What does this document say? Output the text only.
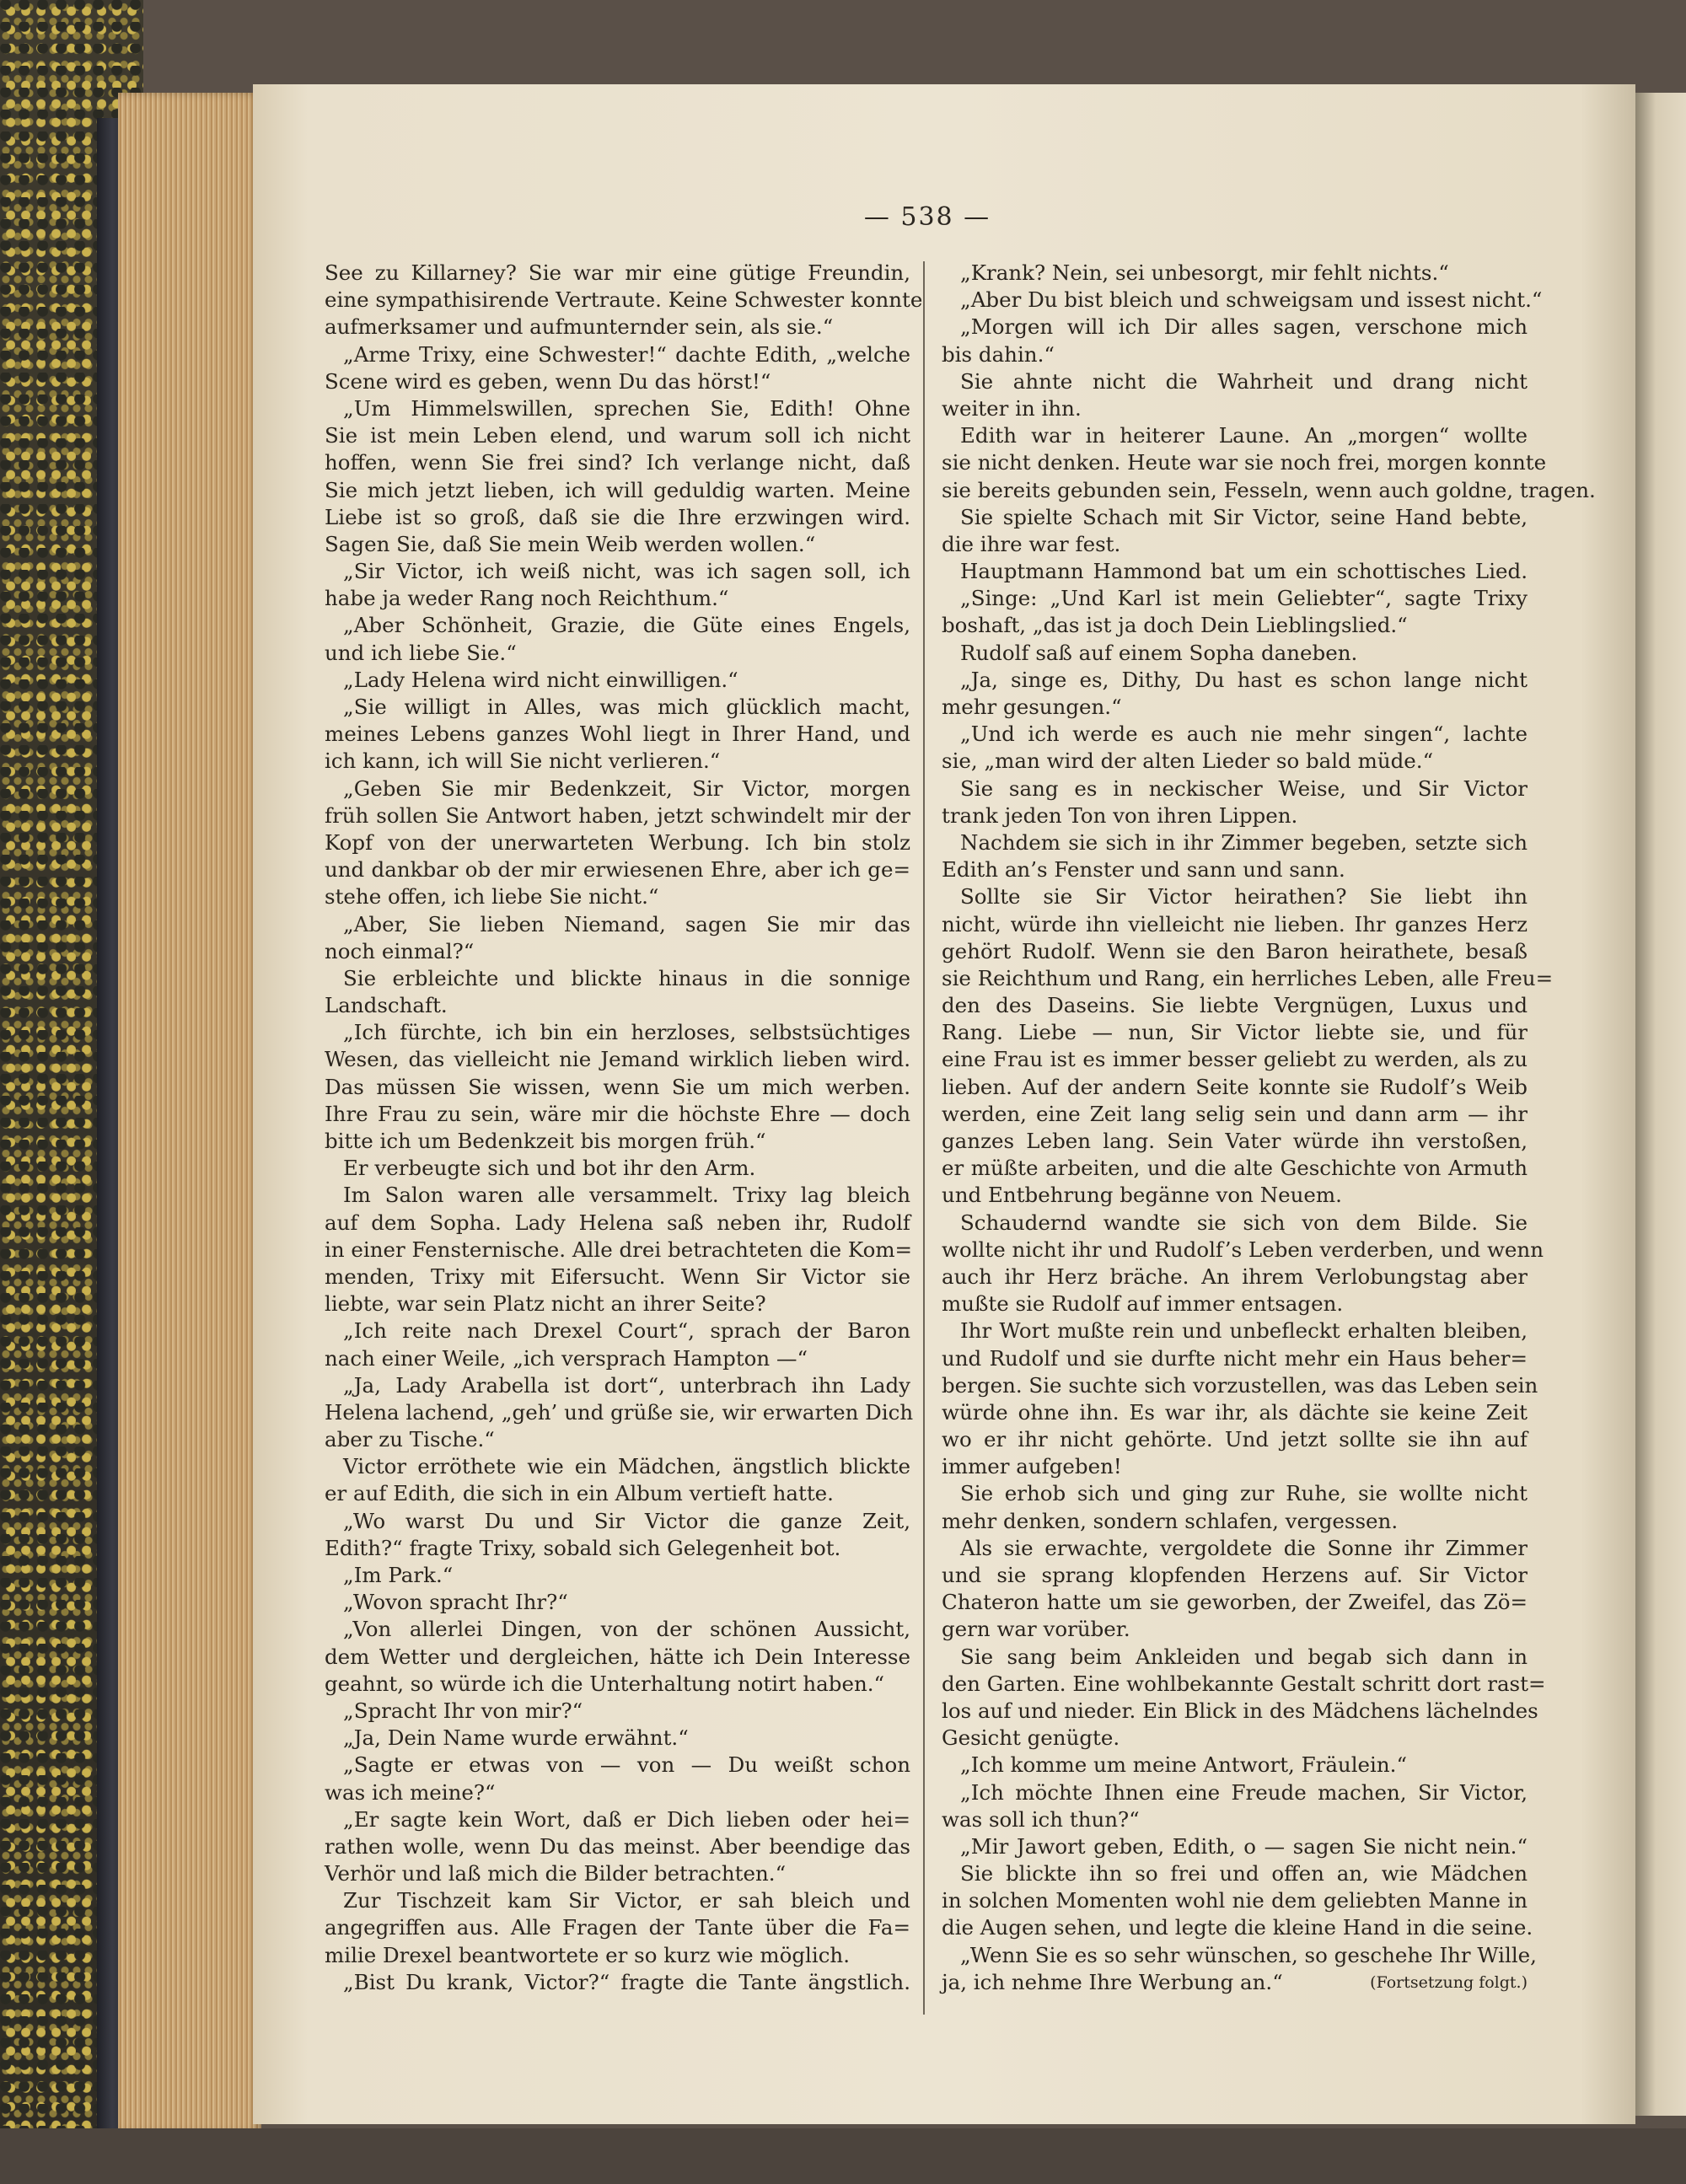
— 538 —
See zu Killarney? Sie war mir eine gütige Freundin,
eine sympathisirende Vertraute. Keine Schwester konnte
aufmerksamer und aufmunternder sein, als sie.“
„Arme Trixy, eine Schwester!“ dachte Edith, „welche
Scene wird es geben, wenn Du das hörst!“
„Um Himmelswillen, sprechen Sie, Edith! Ohne
Sie ist mein Leben elend, und warum soll ich nicht
hoffen, wenn Sie frei sind? Ich verlange nicht, daß
Sie mich jetzt lieben, ich will geduldig warten. Meine
Liebe ist so groß, daß sie die Ihre erzwingen wird.
Sagen Sie, daß Sie mein Weib werden wollen.“
„Sir Victor, ich weiß nicht, was ich sagen soll, ich
habe ja weder Rang noch Reichthum.“
„Aber Schönheit, Grazie, die Güte eines Engels,
und ich liebe Sie.“
„Lady Helena wird nicht einwilligen.“
„Sie willigt in Alles, was mich glücklich macht,
meines Lebens ganzes Wohl liegt in Ihrer Hand, und
ich kann, ich will Sie nicht verlieren.“
„Geben Sie mir Bedenkzeit, Sir Victor, morgen
früh sollen Sie Antwort haben, jetzt schwindelt mir der
Kopf von der unerwarteten Werbung. Ich bin stolz
und dankbar ob der mir erwiesenen Ehre, aber ich ge=
stehe offen, ich liebe Sie nicht.“
„Aber, Sie lieben Niemand, sagen Sie mir das
noch einmal?“
Sie erbleichte und blickte hinaus in die sonnige
Landschaft.
„Ich fürchte, ich bin ein herzloses, selbstsüchtiges
Wesen, das vielleicht nie Jemand wirklich lieben wird.
Das müssen Sie wissen, wenn Sie um mich werben.
Ihre Frau zu sein, wäre mir die höchste Ehre — doch
bitte ich um Bedenkzeit bis morgen früh.“
Er verbeugte sich und bot ihr den Arm.
Im Salon waren alle versammelt. Trixy lag bleich
auf dem Sopha. Lady Helena saß neben ihr, Rudolf
in einer Fensternische. Alle drei betrachteten die Kom=
menden, Trixy mit Eifersucht. Wenn Sir Victor sie
liebte, war sein Platz nicht an ihrer Seite?
„Ich reite nach Drexel Court“, sprach der Baron
nach einer Weile, „ich versprach Hampton —“
„Ja, Lady Arabella ist dort“, unterbrach ihn Lady
Helena lachend, „geh’ und grüße sie, wir erwarten Dich
aber zu Tische.“
Victor erröthete wie ein Mädchen, ängstlich blickte
er auf Edith, die sich in ein Album vertieft hatte.
„Wo warst Du und Sir Victor die ganze Zeit,
Edith?“ fragte Trixy, sobald sich Gelegenheit bot.
„Im Park.“
„Wovon spracht Ihr?“
„Von allerlei Dingen, von der schönen Aussicht,
dem Wetter und dergleichen, hätte ich Dein Interesse
geahnt, so würde ich die Unterhaltung notirt haben.“
„Spracht Ihr von mir?“
„Ja, Dein Name wurde erwähnt.“
„Sagte er etwas von — von — Du weißt schon
was ich meine?“
„Er sagte kein Wort, daß er Dich lieben oder hei=
rathen wolle, wenn Du das meinst. Aber beendige das
Verhör und laß mich die Bilder betrachten.“
Zur Tischzeit kam Sir Victor, er sah bleich und
angegriffen aus. Alle Fragen der Tante über die Fa=
milie Drexel beantwortete er so kurz wie möglich.
„Bist Du krank, Victor?“ fragte die Tante ängstlich.
„Krank? Nein, sei unbesorgt, mir fehlt nichts.“
„Aber Du bist bleich und schweigsam und issest nicht.“
„Morgen will ich Dir alles sagen, verschone mich
bis dahin.“
Sie ahnte nicht die Wahrheit und drang nicht
weiter in ihn.
Edith war in heiterer Laune. An „morgen“ wollte
sie nicht denken. Heute war sie noch frei, morgen konnte
sie bereits gebunden sein, Fesseln, wenn auch goldne, tragen.
Sie spielte Schach mit Sir Victor, seine Hand bebte,
die ihre war fest.
Hauptmann Hammond bat um ein schottisches Lied.
„Singe: „Und Karl ist mein Geliebter“, sagte Trixy
boshaft, „das ist ja doch Dein Lieblingslied.“
Rudolf saß auf einem Sopha daneben.
„Ja, singe es, Dithy, Du hast es schon lange nicht
mehr gesungen.“
„Und ich werde es auch nie mehr singen“, lachte
sie, „man wird der alten Lieder so bald müde.“
Sie sang es in neckischer Weise, und Sir Victor
trank jeden Ton von ihren Lippen.
Nachdem sie sich in ihr Zimmer begeben, setzte sich
Edith an’s Fenster und sann und sann.
Sollte sie Sir Victor heirathen? Sie liebt ihn
nicht, würde ihn vielleicht nie lieben. Ihr ganzes Herz
gehört Rudolf. Wenn sie den Baron heirathete, besaß
sie Reichthum und Rang, ein herrliches Leben, alle Freu=
den des Daseins. Sie liebte Vergnügen, Luxus und
Rang. Liebe — nun, Sir Victor liebte sie, und für
eine Frau ist es immer besser geliebt zu werden, als zu
lieben. Auf der andern Seite konnte sie Rudolf’s Weib
werden, eine Zeit lang selig sein und dann arm — ihr
ganzes Leben lang. Sein Vater würde ihn verstoßen,
er müßte arbeiten, und die alte Geschichte von Armuth
und Entbehrung begänne von Neuem.
Schaudernd wandte sie sich von dem Bilde. Sie
wollte nicht ihr und Rudolf’s Leben verderben, und wenn
auch ihr Herz bräche. An ihrem Verlobungstag aber
mußte sie Rudolf auf immer entsagen.
Ihr Wort mußte rein und unbefleckt erhalten bleiben,
und Rudolf und sie durfte nicht mehr ein Haus beher=
bergen. Sie suchte sich vorzustellen, was das Leben sein
würde ohne ihn. Es war ihr, als dächte sie keine Zeit
wo er ihr nicht gehörte. Und jetzt sollte sie ihn auf
immer aufgeben!
Sie erhob sich und ging zur Ruhe, sie wollte nicht
mehr denken, sondern schlafen, vergessen.
Als sie erwachte, vergoldete die Sonne ihr Zimmer
und sie sprang klopfenden Herzens auf. Sir Victor
Chateron hatte um sie geworben, der Zweifel, das Zö=
gern war vorüber.
Sie sang beim Ankleiden und begab sich dann in
den Garten. Eine wohlbekannte Gestalt schritt dort rast=
los auf und nieder. Ein Blick in des Mädchens lächelndes
Gesicht genügte.
„Ich komme um meine Antwort, Fräulein.“
„Ich möchte Ihnen eine Freude machen, Sir Victor,
was soll ich thun?“
„Mir Jawort geben, Edith, o — sagen Sie nicht nein.“
Sie blickte ihn so frei und offen an, wie Mädchen
in solchen Momenten wohl nie dem geliebten Manne in
die Augen sehen, und legte die kleine Hand in die seine.
„Wenn Sie es so sehr wünschen, so geschehe Ihr Wille,
ja, ich nehme Ihre Werbung an.“	(Fortsetzung folgt.)
